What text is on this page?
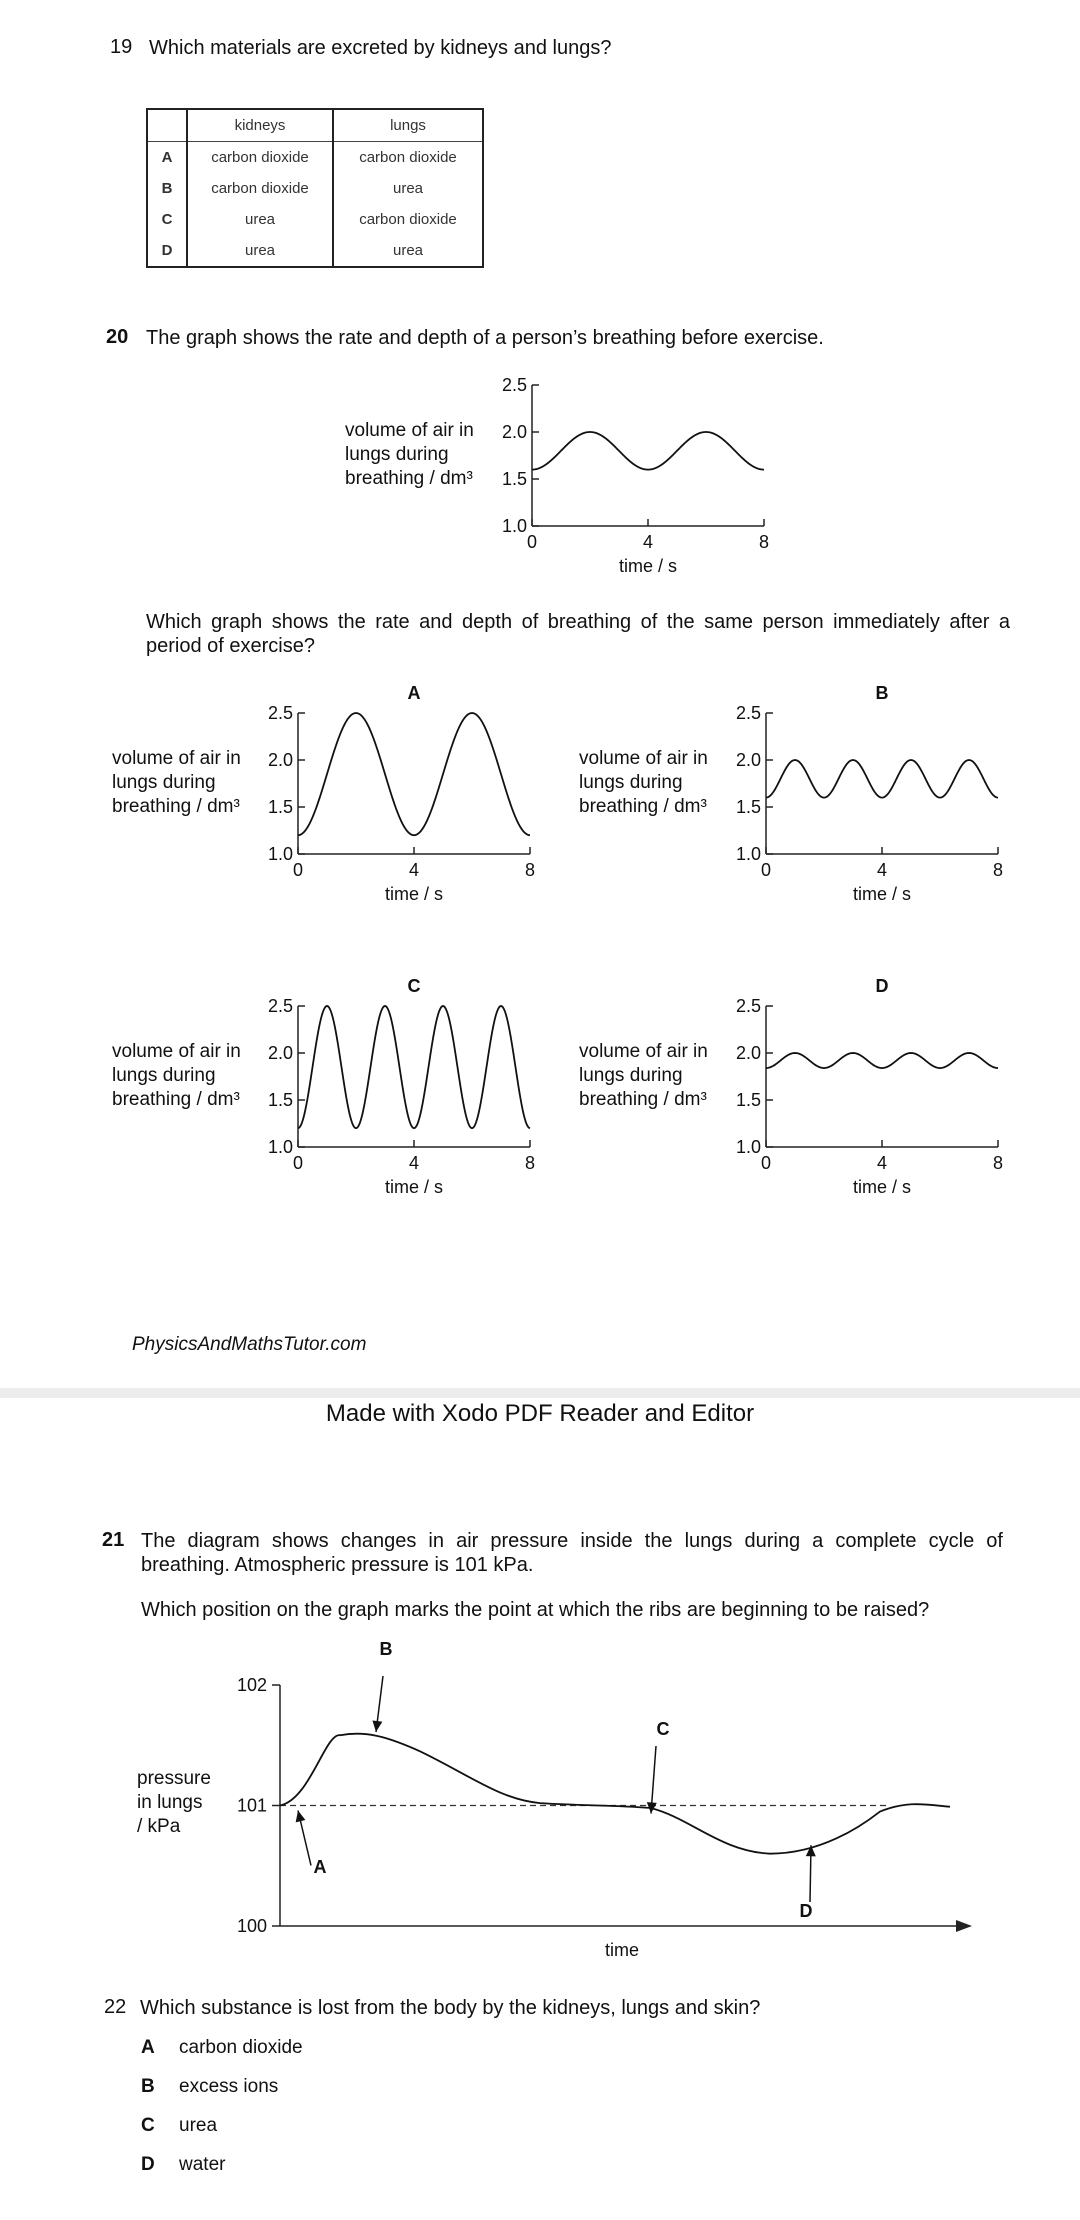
19 Which materials are excreted by kidneys and lungs?
	kidneys	lungs
A	carbon dioxide	carbon dioxide
B	carbon dioxide	urea
C	urea	carbon dioxide
D	urea	urea
20 The graph shows the rate and depth of a person’s breathing before exercise.
volume of air in
lungs during
breathing / dm³
1.0
1.5
2.0
2.5
0	4	8
time / s
Which graph shows the rate and depth of breathing of the same person immediately after a period of exercise?
volume of air in
lungs during
breathing / dm³
1.0
1.5
2.0
2.5
0	4	8
time / s
A
volume of air in
lungs during
breathing / dm³
1.0
1.5
2.0
2.5
0	4	8
time / s
B
volume of air in
lungs during
breathing / dm³
1.0
1.5
2.0
2.5
0	4	8
time / s
C
volume of air in
lungs during
breathing / dm³
1.0
1.5
2.0
2.5
0	4	8
time / s
D
PhysicsAndMathsTutor.com
Made with Xodo PDF Reader and Editor
21 The diagram shows changes in air pressure inside the lungs during a complete cycle of breathing. Atmospheric pressure is 101 kPa.
Which position on the graph marks the point at which the ribs are beginning to be raised?
pressure
in lungs
/ kPa
100
101
102
time
A
B
C
D
22 Which substance is lost from the body by the kidneys, lungs and skin?
A carbon dioxide
B excess ions
C urea
D water
